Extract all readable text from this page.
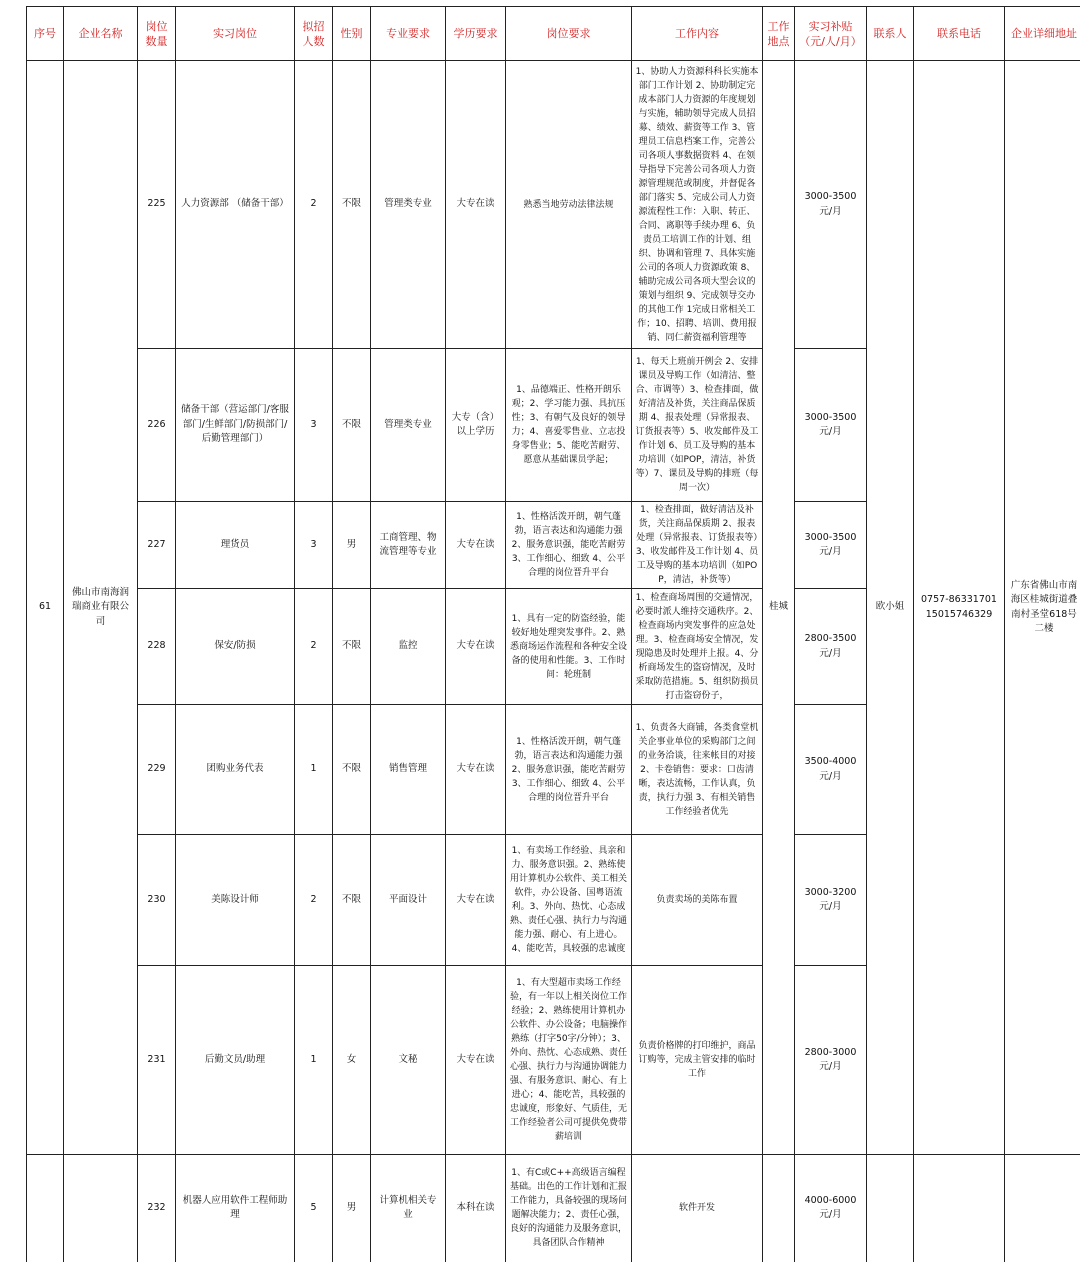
序号	企业名称	岗位数量	实习岗位	拟招人数	性别	专业要求	学历要求	岗位要求	工作内容	工作地点	实习补贴（元/人/月）	联系人	联系电话	企业详细地址
61	佛山市南海润瑞商业有限公司	225	人力资源部 （储备干部）	2	不限	管理类专业	大专在读	熟悉当地劳动法律法规	1、协助人力资源科科长实施本部门工作计划 2、协助制定完成本部门人力资源的年度规划与实施，辅助领导完成人员招募、绩效、薪资等工作 3、管理员工信息档案工作，完善公司各项人事数据资料 4、在领导指导下完善公司各项人力资源管理规范或制度，并督促各部门落实 5、完成公司人力资源流程性工作：入职、转正、合同、离职等手续办理 6、负责员工培训工作的计划、组织、协调和管理 7、具体实施公司的各项人力资源政策 8、辅助完成公司各项大型会议的策划与组织 9、完成领导交办的其他工作 1完成日常相关工作；10、招聘、培训、费用报销、同仁薪资福利管理等	桂城	3000-3500元/月	欧小姐	0757-86331701 15015746329	广东省佛山市南海区桂城街道叠南村圣堂618号二楼
		226	储备干部（营运部门/客服部门/生鲜部门/防损部门/后勤管理部门）	3	不限	管理类专业	大专（含）以上学历	1、品德端正、性格开朗乐观；2、学习能力强、具抗压性；3、有朝气及良好的领导力；4、喜爱零售业、立志投身零售业；5、能吃苦耐劳、愿意从基础课员学起；	1、每天上班前开例会 2、安排课员及导购工作（如清洁、整合、市调等）3、检查排面，做好清洁及补货，关注商品保质期 4、报表处理（异常报表、订货报表等）5、收发邮件及工作计划 6、员工及导购的基本功培训（如POP，清洁，补货等）7、课员及导购的排班（每周一次）		3000-3500元/月			
		227	理货员	3	男	工商管理、物流管理等专业	大专在读	1、性格活泼开朗，朝气蓬勃，语言表达和沟通能力强 2、服务意识强，能吃苦耐劳 3、工作细心、细致 4、公平合理的岗位晋升平台	1、检查排面，做好清洁及补货，关注商品保质期 2、报表处理（异常报表、订货报表等）3、收发邮件及工作计划 4、员工及导购的基本功培训（如POP，清洁，补货等）		3000-3500元/月			
		228	保安/防损	2	不限	监控	大专在读	1、具有一定的防盗经验，能较好地处理突发事件。2、熟悉商场运作流程和各种安全设备的使用和性能。3、工作时间：轮班制	1、检查商场周围的交通情况，必要时派人维持交通秩序。2、检查商场内突发事件的应急处理。3、检查商场安全情况，发现隐患及时处理并上报。4、分析商场发生的盗窃情况，及时采取防范措施。5、组织防损员打击盗窃份子，		2800-3500元/月			
		229	团购业务代表	1	不限	销售管理	大专在读	1、性格活泼开朗，朝气蓬勃，语言表达和沟通能力强 2、服务意识强，能吃苦耐劳 3、工作细心、细致 4、公平合理的岗位晋升平台	1、负责各大商铺，各类食堂机关企事业单位的采购部门之间的业务洽谈，往来帐目的对接 2、卡卷销售：要求：口齿清晰，表达流畅，工作认真，负责，执行力强 3、有相关销售工作经验者优先		3500-4000元/月			
		230	美陈设计师	2	不限	平面设计	大专在读	1、有卖场工作经验、具亲和力、服务意识强。2、熟练使用计算机办公软件、美工相关软件，办公设备、国粤语流利。3、外向、热忱、心态成熟、责任心强、执行力与沟通能力强、耐心、有上进心。4、能吃苦，具较强的忠诚度	负责卖场的美陈布置		3000-3200元/月			
		231	后勤文员/助理	1	女	文秘	大专在读	1、有大型超市卖场工作经验，有一年以上相关岗位工作经验；2、熟练使用计算机办公软件、办公设备；电脑操作熟练（打字50字/分钟）；3、外向、热忱、心态成熟、责任心强、执行力与沟通协调能力强、有服务意识、耐心、有上进心；4、能吃苦，具较强的忠诚度，形象好、气质佳，无工作经验者公司可提供免费带薪培训	负责价格牌的打印维护，商品订购等，完成主管安排的临时工作		2800-3000元/月			
		232	机器人应用软件工程师助理	5	男	计算机相关专业	本科在读	1、有C或C++高级语言编程基础。出色的工作计划和汇报工作能力，具备较强的现场问题解决能力；2、责任心强，良好的沟通能力及服务意识，具备团队合作精神	软件开发		4000-6000元/月			
